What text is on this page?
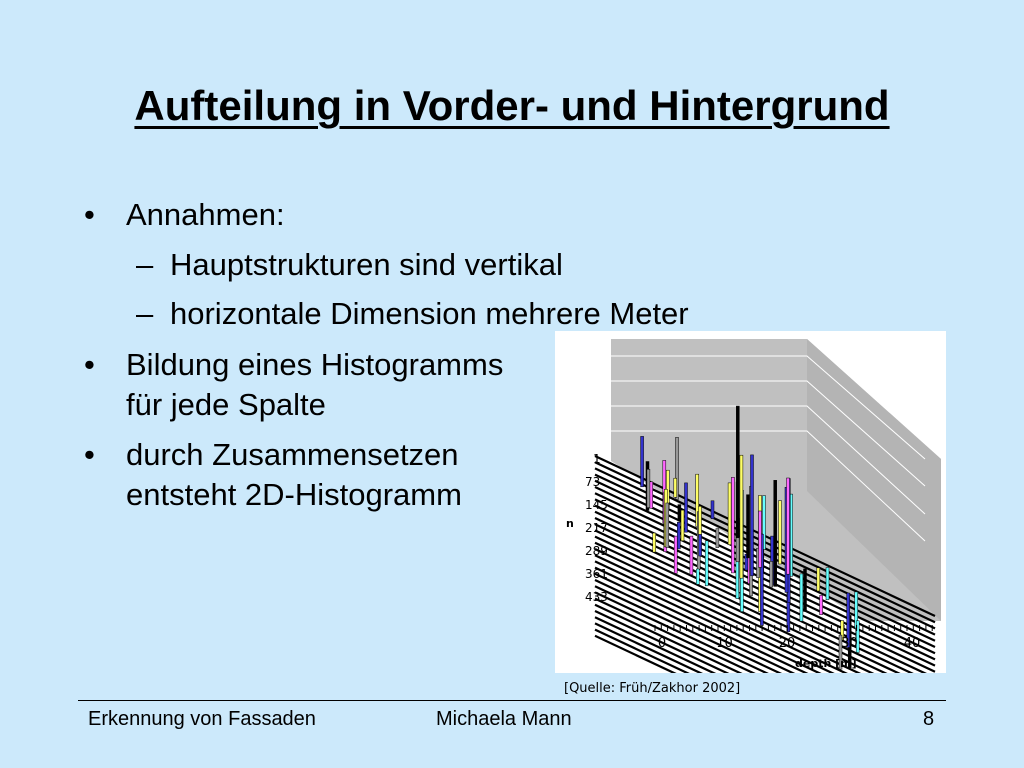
Aufteilung in Vorder- und Hintergrund
• Annahmen:
– Hauptstrukturen sind vertikal
– horizontale Dimension mehrere Meter
• Bildung eines Histogramms
für jede Spalte
• durch Zusammensetzen
entsteht 2D-Histogramm
n
1
73
145
217
289
361
433
0	10	20	30	40
depth [m]
[Quelle: Früh/Zakhor 2002]
Erkennung von Fassaden	Michaela Mann	8
